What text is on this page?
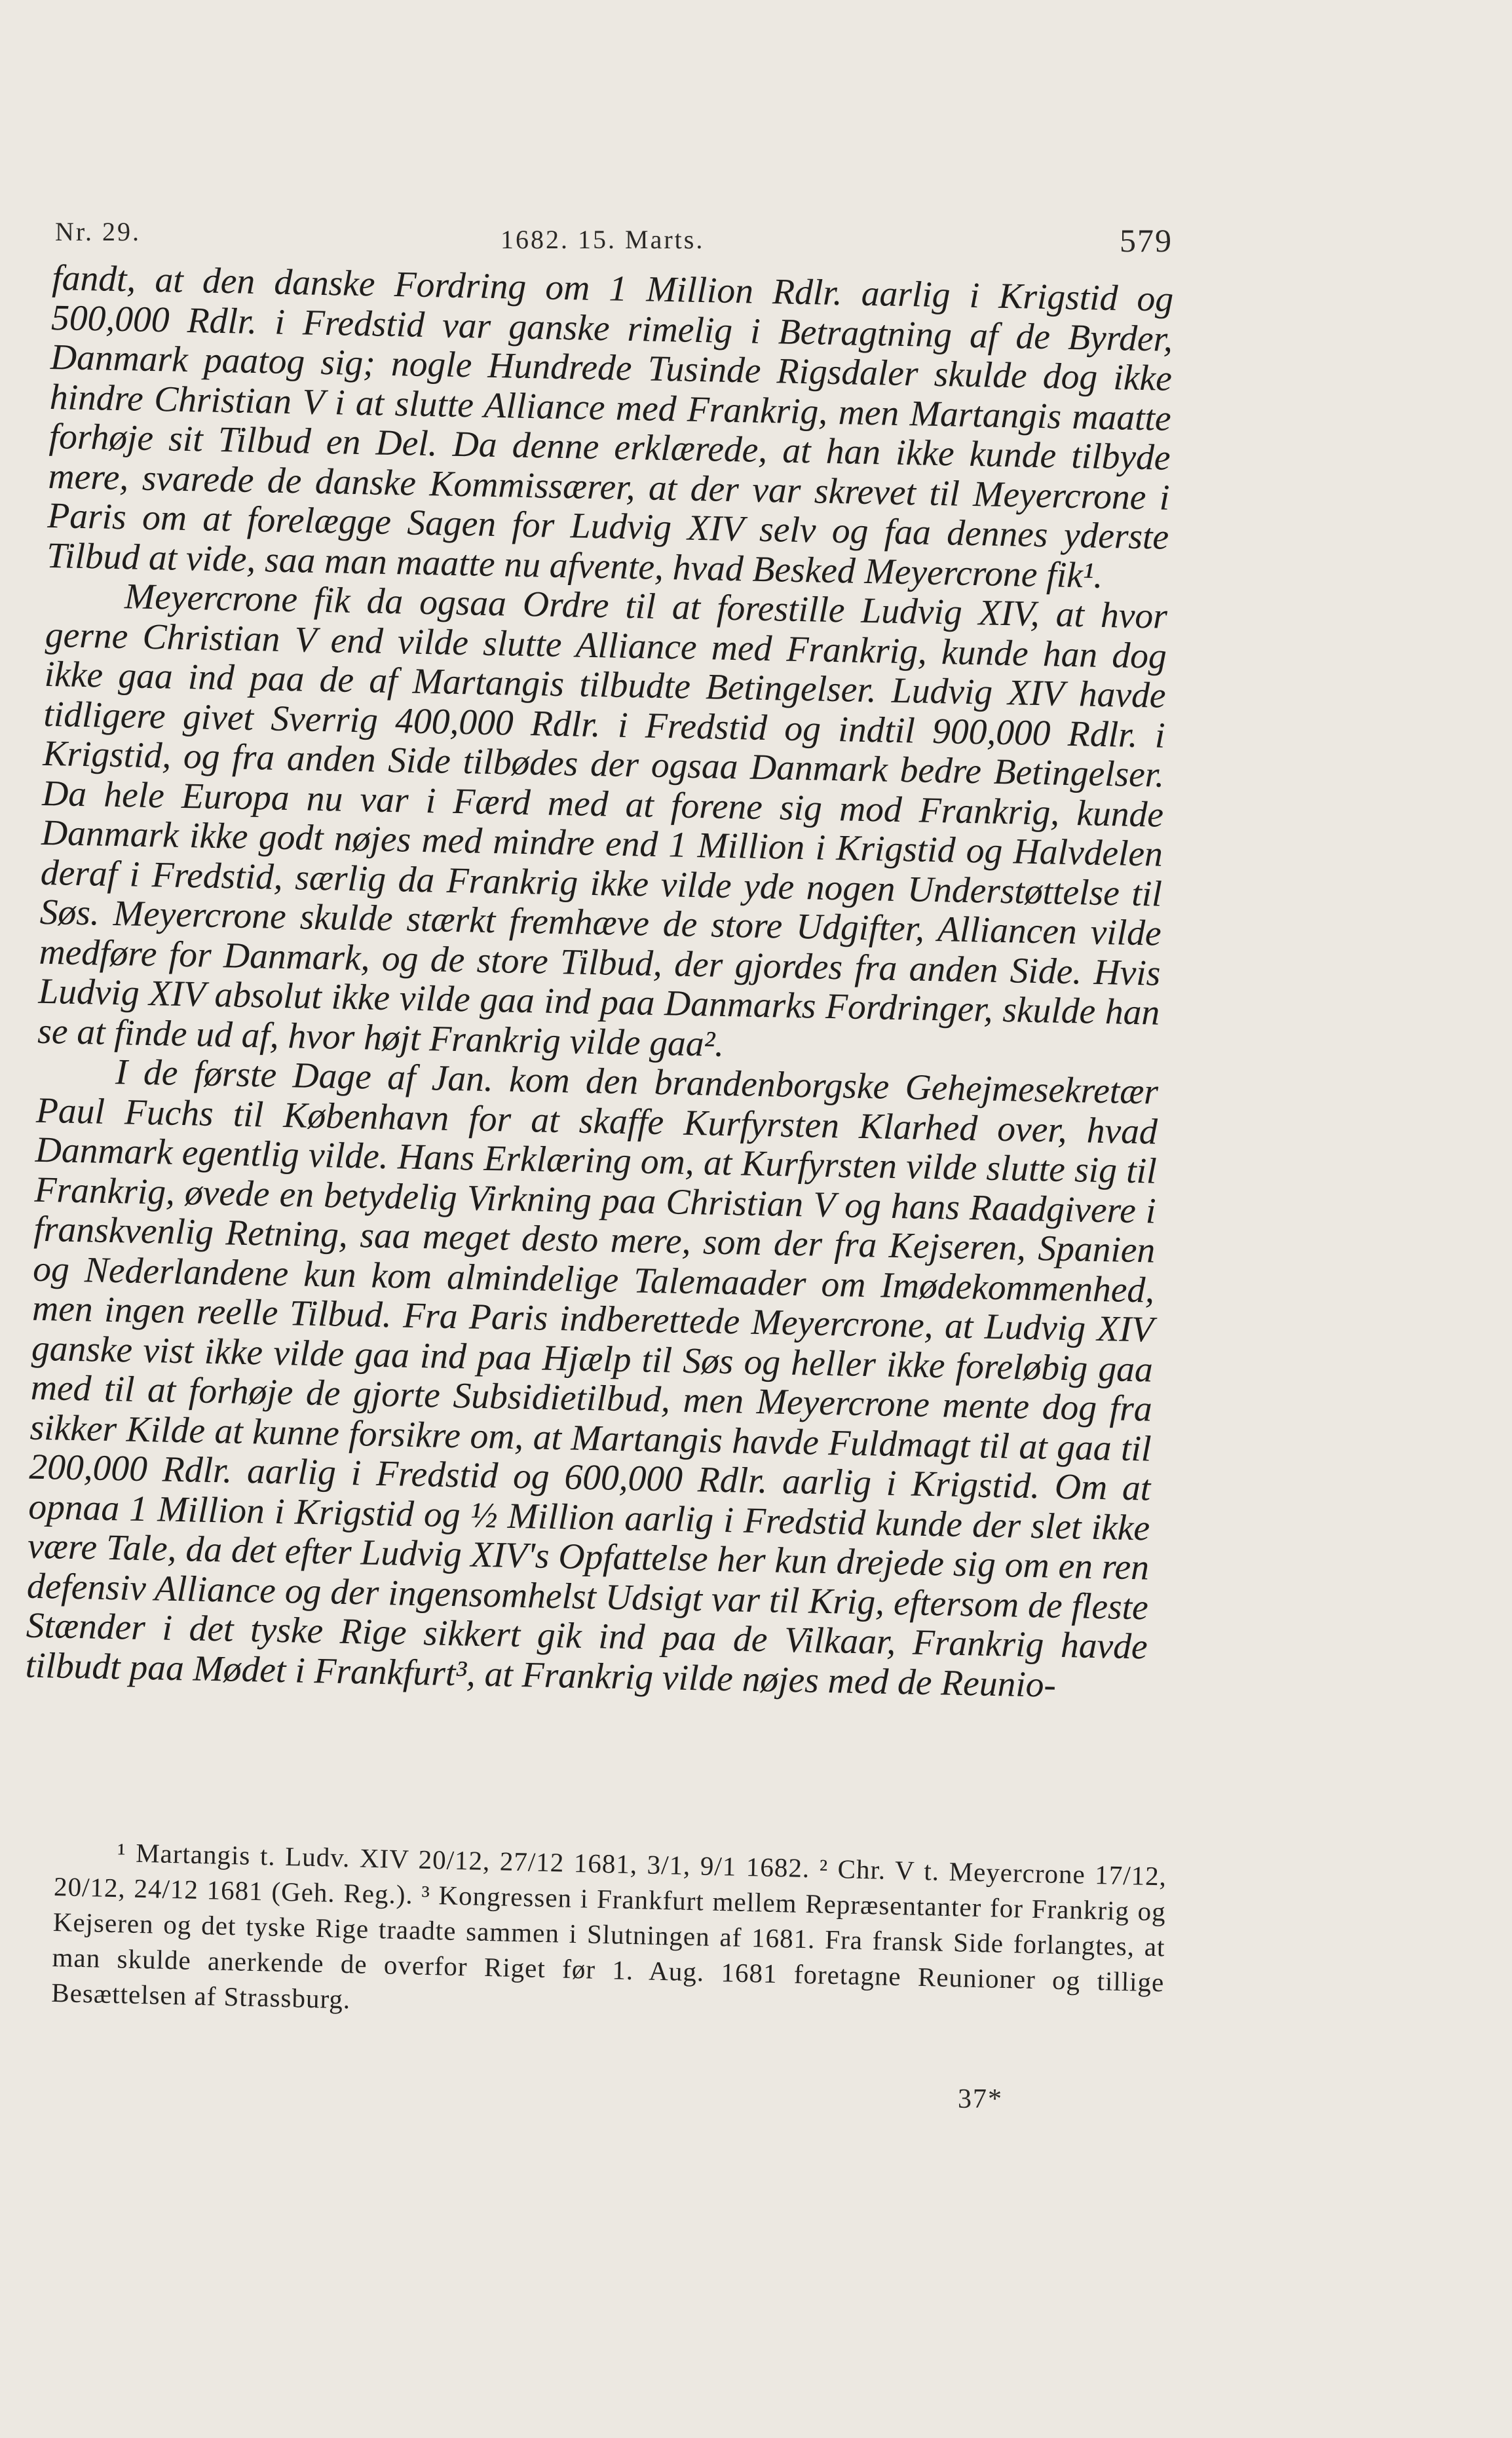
Nr. 29.	1682. 15. Marts.	579

fandt, at den danske Fordring om 1 Million Rdlr. aarlig i Krigstid og 500,000 Rdlr. i Fredstid var ganske rimelig i Betragtning af de Byrder, Danmark paatog sig; nogle Hundrede Tusinde Rigsdaler skulde dog ikke hindre Christian V i at slutte Alliance med Frankrig, men Martangis maatte forhøje sit Tilbud en Del. Da denne erklærede, at han ikke kunde tilbyde mere, svarede de danske Kommissærer, at der var skrevet til Meyercrone i Paris om at forelægge Sagen for Ludvig XIV selv og faa dennes yderste Tilbud at vide, saa man maatte nu afvente, hvad Besked Meyercrone fik¹.

Meyercrone fik da ogsaa Ordre til at forestille Ludvig XIV, at hvor gerne Christian V end vilde slutte Alliance med Frankrig, kunde han dog ikke gaa ind paa de af Martangis tilbudte Betingelser. Ludvig XIV havde tidligere givet Sverrig 400,000 Rdlr. i Fredstid og indtil 900,000 Rdlr. i Krigstid, og fra anden Side tilbødes der ogsaa Danmark bedre Betingelser. Da hele Europa nu var i Færd med at forene sig mod Frankrig, kunde Danmark ikke godt nøjes med mindre end 1 Million i Krigstid og Halvdelen deraf i Fredstid, særlig da Frankrig ikke vilde yde nogen Understøttelse til Søs. Meyercrone skulde stærkt fremhæve de store Udgifter, Alliancen vilde medføre for Danmark, og de store Tilbud, der gjordes fra anden Side. Hvis Ludvig XIV absolut ikke vilde gaa ind paa Danmarks Fordringer, skulde han se at finde ud af, hvor højt Frankrig vilde gaa².

I de første Dage af Jan. kom den brandenborgske Gehejmesekretær Paul Fuchs til København for at skaffe Kurfyrsten Klarhed over, hvad Danmark egentlig vilde. Hans Erklæring om, at Kurfyrsten vilde slutte sig til Frankrig, øvede en betydelig Virkning paa Christian V og hans Raadgivere i franskvenlig Retning, saa meget desto mere, som der fra Kejseren, Spanien og Nederlandene kun kom almindelige Talemaader om Imødekommenhed, men ingen reelle Tilbud. Fra Paris indberettede Meyercrone, at Ludvig XIV ganske vist ikke vilde gaa ind paa Hjælp til Søs og heller ikke foreløbig gaa med til at forhøje de gjorte Subsidietilbud, men Meyercrone mente dog fra sikker Kilde at kunne forsikre om, at Martangis havde Fuldmagt til at gaa til 200,000 Rdlr. aarlig i Fredstid og 600,000 Rdlr. aarlig i Krigstid. Om at opnaa 1 Million i Krigstid og ½ Million aarlig i Fredstid kunde der slet ikke være Tale, da det efter Ludvig XIV's Opfattelse her kun drejede sig om en ren defensiv Alliance og der ingensomhelst Udsigt var til Krig, eftersom de fleste Stænder i det tyske Rige sikkert gik ind paa de Vilkaar, Frankrig havde tilbudt paa Mødet i Frankfurt³, at Frankrig vilde nøjes med de Reunio-

¹ Martangis t. Ludv. XIV 20/12, 27/12 1681, 3/1, 9/1 1682. ² Chr. V t. Meyercrone 17/12, 20/12, 24/12 1681 (Geh. Reg.). ³ Kongressen i Frankfurt mellem Repræsentanter for Frankrig og Kejseren og det tyske Rige traadte sammen i Slutningen af 1681. Fra fransk Side forlangtes, at man skulde anerkende de overfor Riget før 1. Aug. 1681 foretagne Reunioner og tillige Besættelsen af Strassburg.

37*
